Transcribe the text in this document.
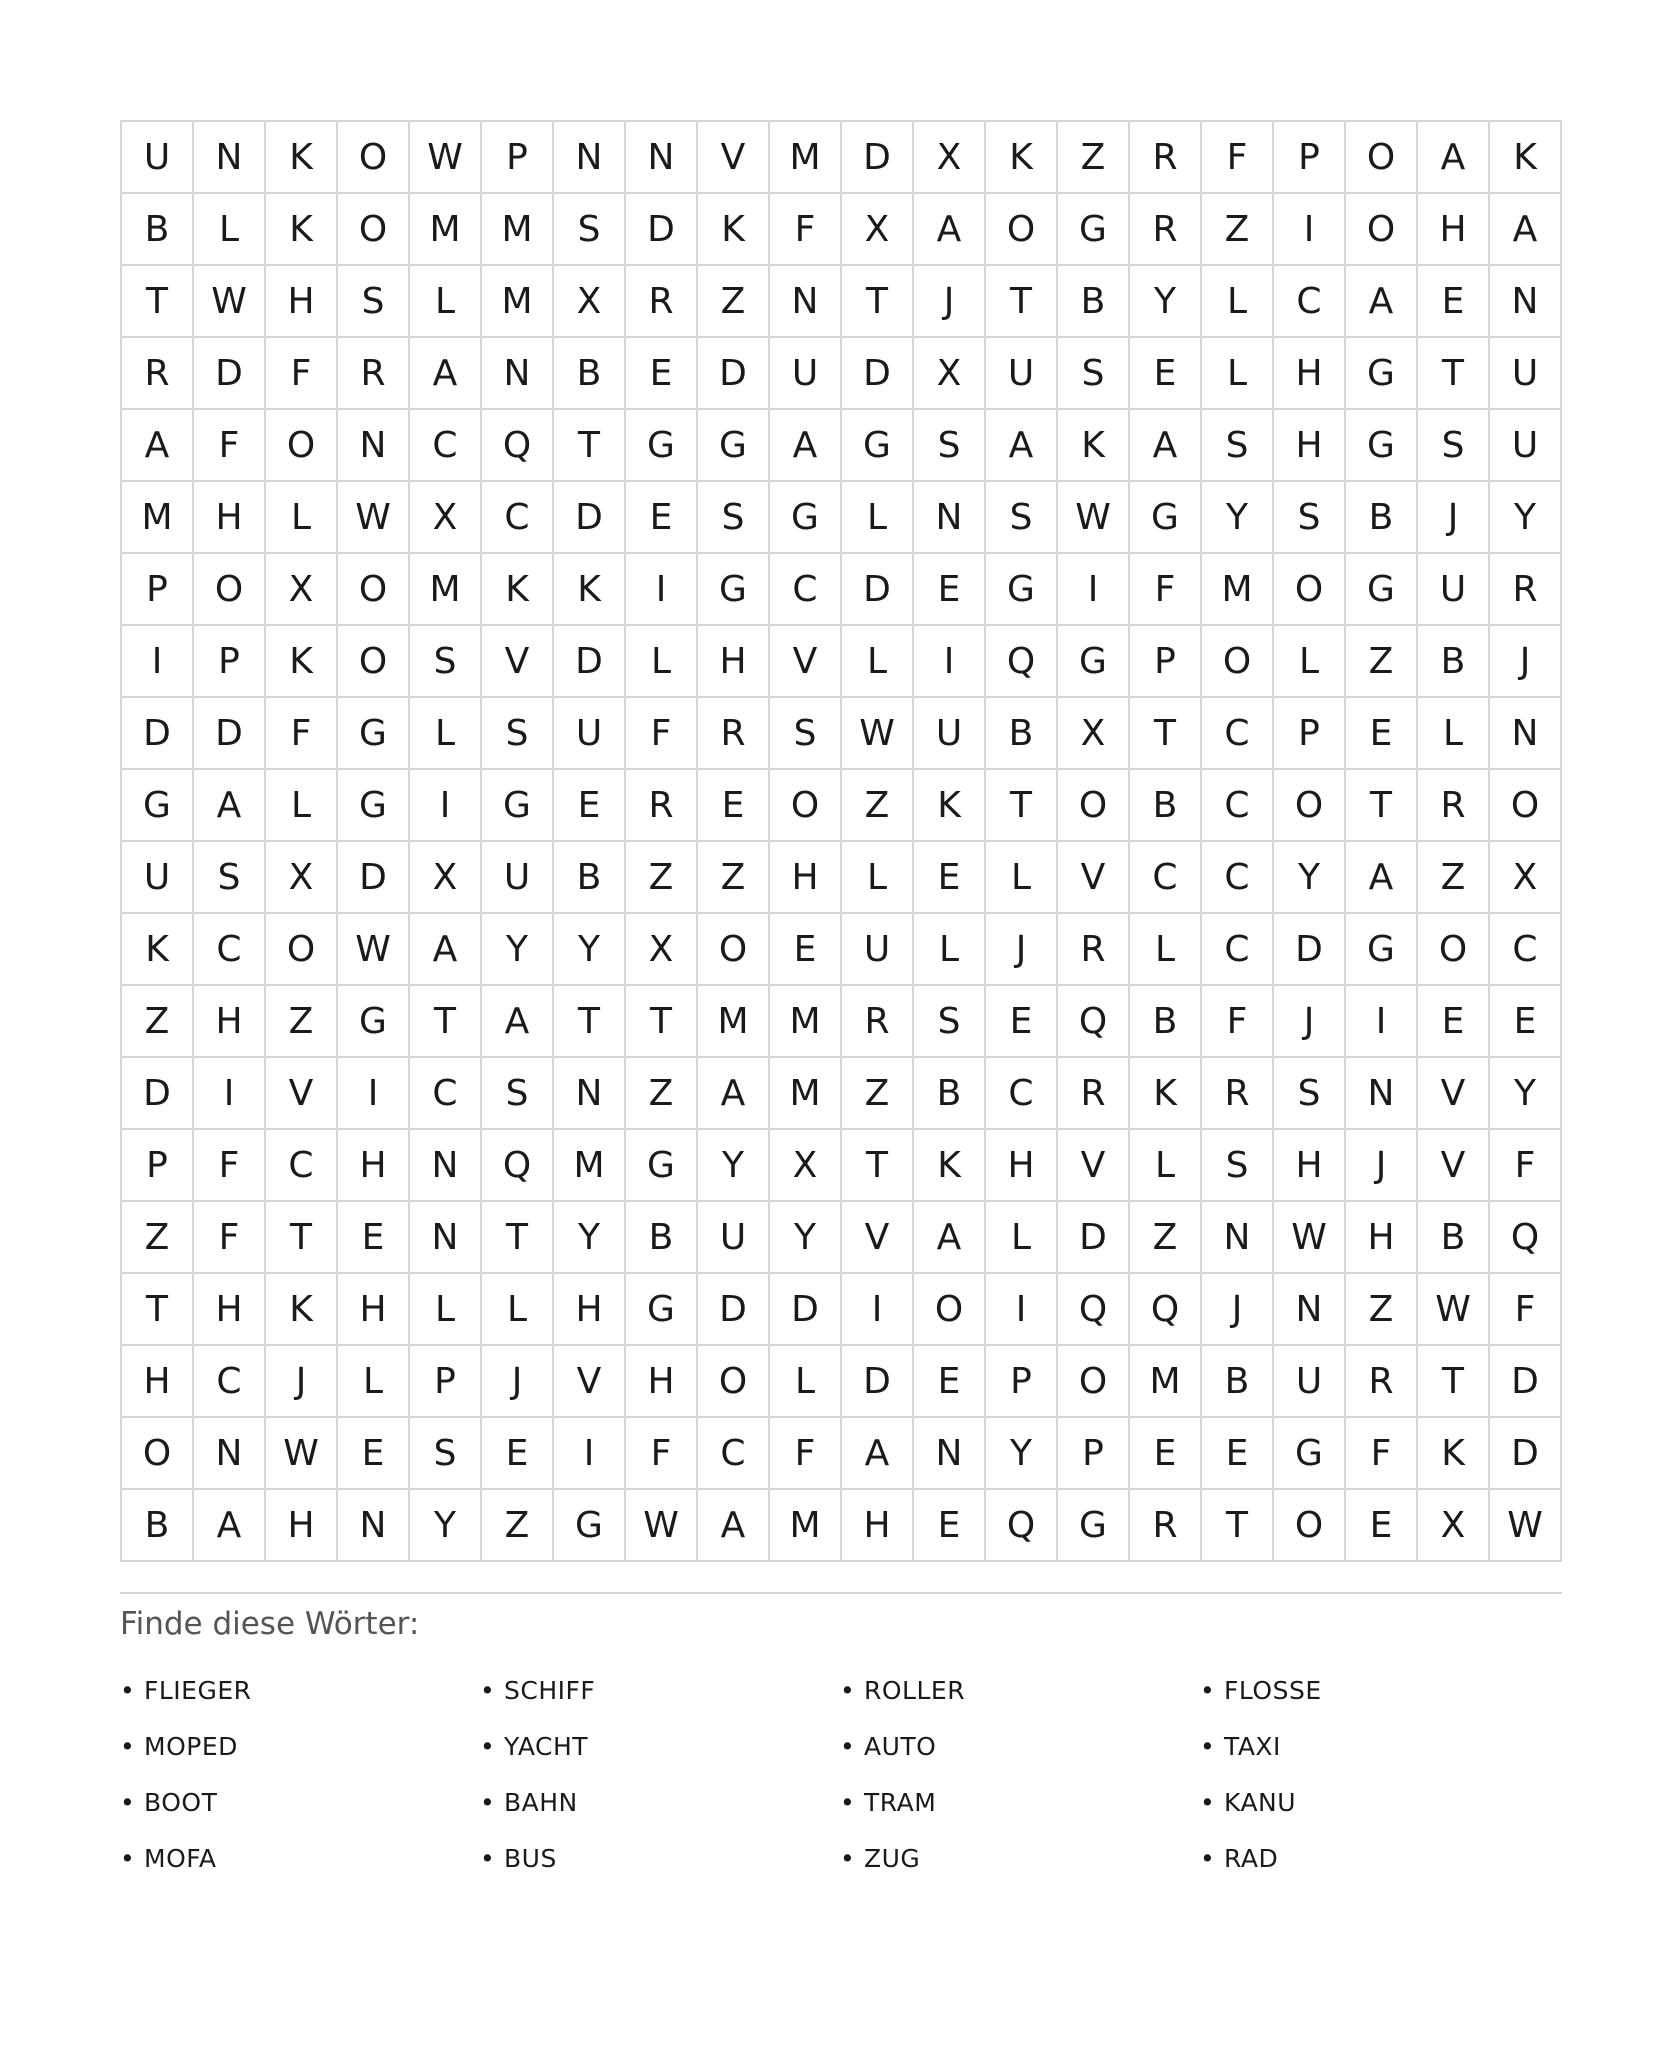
U	N	K	O	W	P	N	N	V	M	D	X	K	Z	R	F	P	O	A	K
B	L	K	O	M	M	S	D	K	F	X	A	O	G	R	Z	I	O	H	A
T	W	H	S	L	M	X	R	Z	N	T	J	T	B	Y	L	C	A	E	N
R	D	F	R	A	N	B	E	D	U	D	X	U	S	E	L	H	G	T	U
A	F	O	N	C	Q	T	G	G	A	G	S	A	K	A	S	H	G	S	U
M	H	L	W	X	C	D	E	S	G	L	N	S	W	G	Y	S	B	J	Y
P	O	X	O	M	K	K	I	G	C	D	E	G	I	F	M	O	G	U	R
I	P	K	O	S	V	D	L	H	V	L	I	Q	G	P	O	L	Z	B	J
D	D	F	G	L	S	U	F	R	S	W	U	B	X	T	C	P	E	L	N
G	A	L	G	I	G	E	R	E	O	Z	K	T	O	B	C	O	T	R	O
U	S	X	D	X	U	B	Z	Z	H	L	E	L	V	C	C	Y	A	Z	X
K	C	O	W	A	Y	Y	X	O	E	U	L	J	R	L	C	D	G	O	C
Z	H	Z	G	T	A	T	T	M	M	R	S	E	Q	B	F	J	I	E	E
D	I	V	I	C	S	N	Z	A	M	Z	B	C	R	K	R	S	N	V	Y
P	F	C	H	N	Q	M	G	Y	X	T	K	H	V	L	S	H	J	V	F
Z	F	T	E	N	T	Y	B	U	Y	V	A	L	D	Z	N	W	H	B	Q
T	H	K	H	L	L	H	G	D	D	I	O	I	Q	Q	J	N	Z	W	F
H	C	J	L	P	J	V	H	O	L	D	E	P	O	M	B	U	R	T	D
O	N	W	E	S	E	I	F	C	F	A	N	Y	P	E	E	G	F	K	D
B	A	H	N	Y	Z	G	W	A	M	H	E	Q	G	R	T	O	E	X	W
Finde diese Wörter:
• FLIEGER	• SCHIFF	• ROLLER	• FLOSSE
• MOPED	• YACHT	• AUTO	• TAXI
• BOOT	• BAHN	• TRAM	• KANU
• MOFA	• BUS	• ZUG	• RAD
